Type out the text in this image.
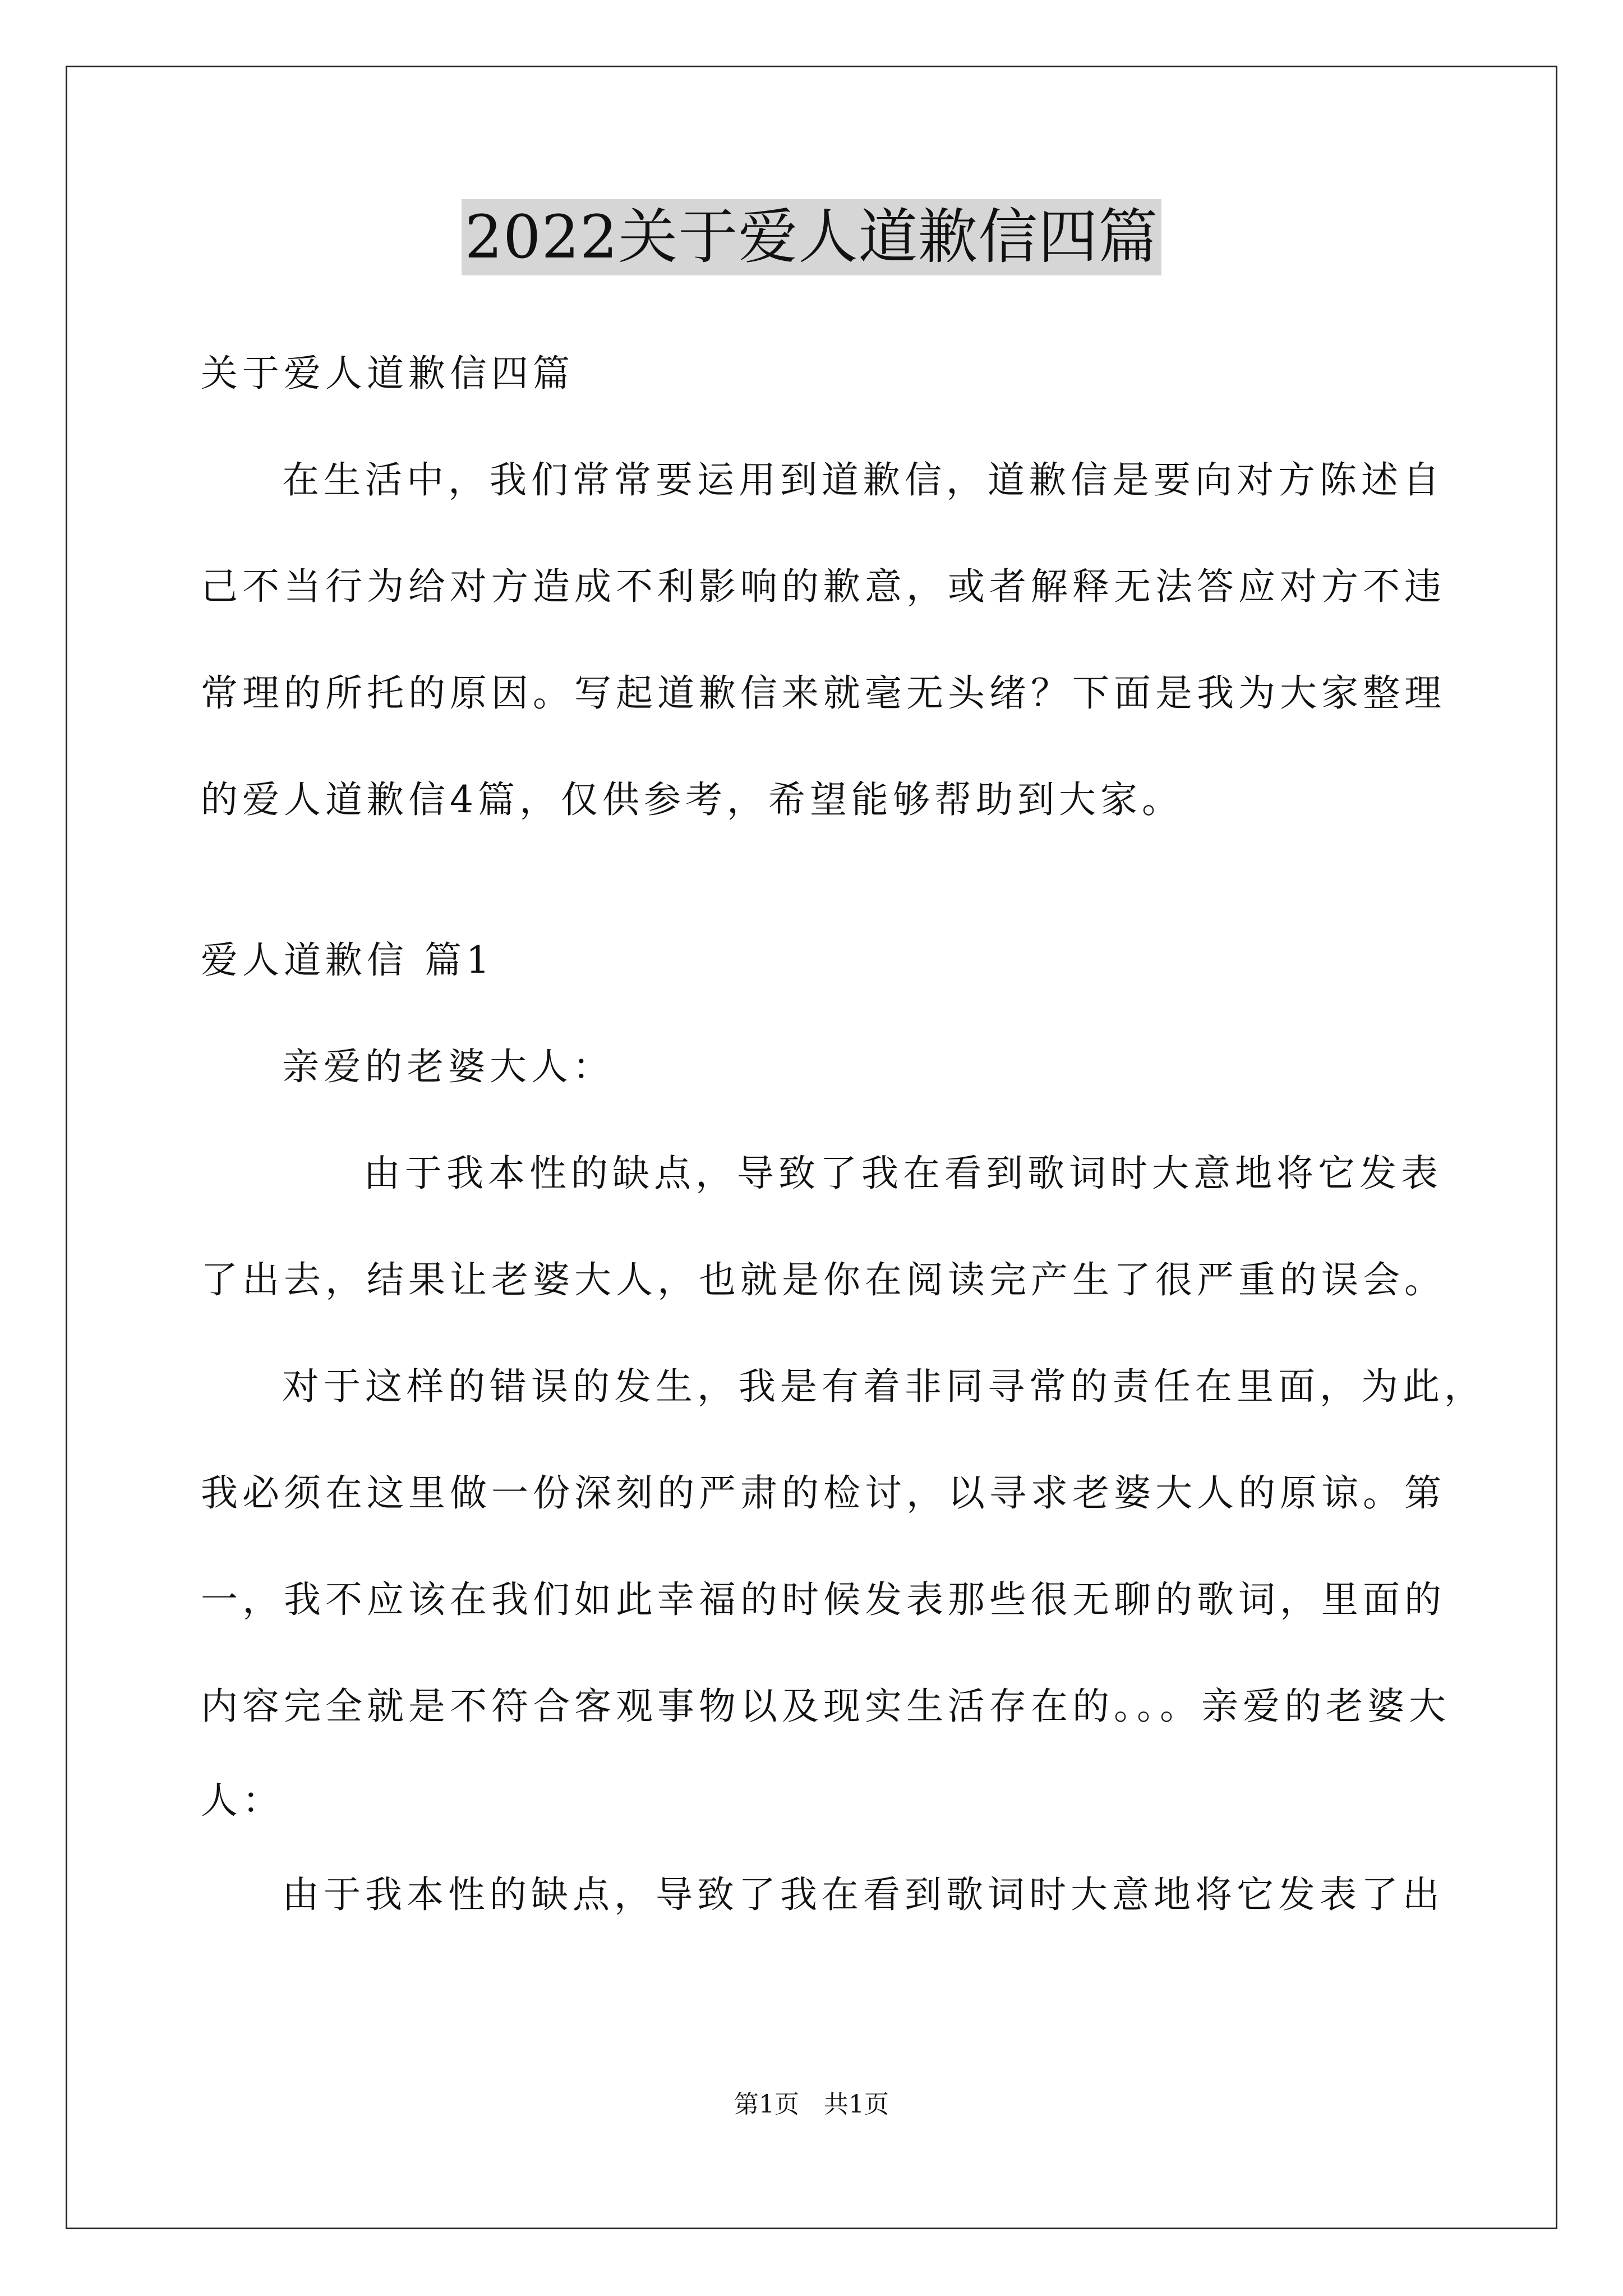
2022关于爱人道歉信四篇

关于爱人道歉信四篇

在生活中，我们常常要运用到道歉信，道歉信是要向对方陈述自

己不当行为给对方造成不利影响的歉意，或者解释无法答应对方不违

常理的所托的原因。写起道歉信来就毫无头绪？下面是我为大家整理

的爱人道歉信4篇，仅供参考，希望能够帮助到大家。

爱人道歉信 篇1

亲爱的老婆大人：

由于我本性的缺点，导致了我在看到歌词时大意地将它发表

了出去，结果让老婆大人，也就是你在阅读完产生了很严重的误会。

对于这样的错误的发生，我是有着非同寻常的责任在里面，为此，

我必须在这里做一份深刻的严肃的检讨，以寻求老婆大人的原谅。第

一，我不应该在我们如此幸福的时候发表那些很无聊的歌词，里面的

内容完全就是不符合客观事物以及现实生活存在的。。。亲爱的老婆大

人：

由于我本性的缺点，导致了我在看到歌词时大意地将它发表了出

第1页　共1页
